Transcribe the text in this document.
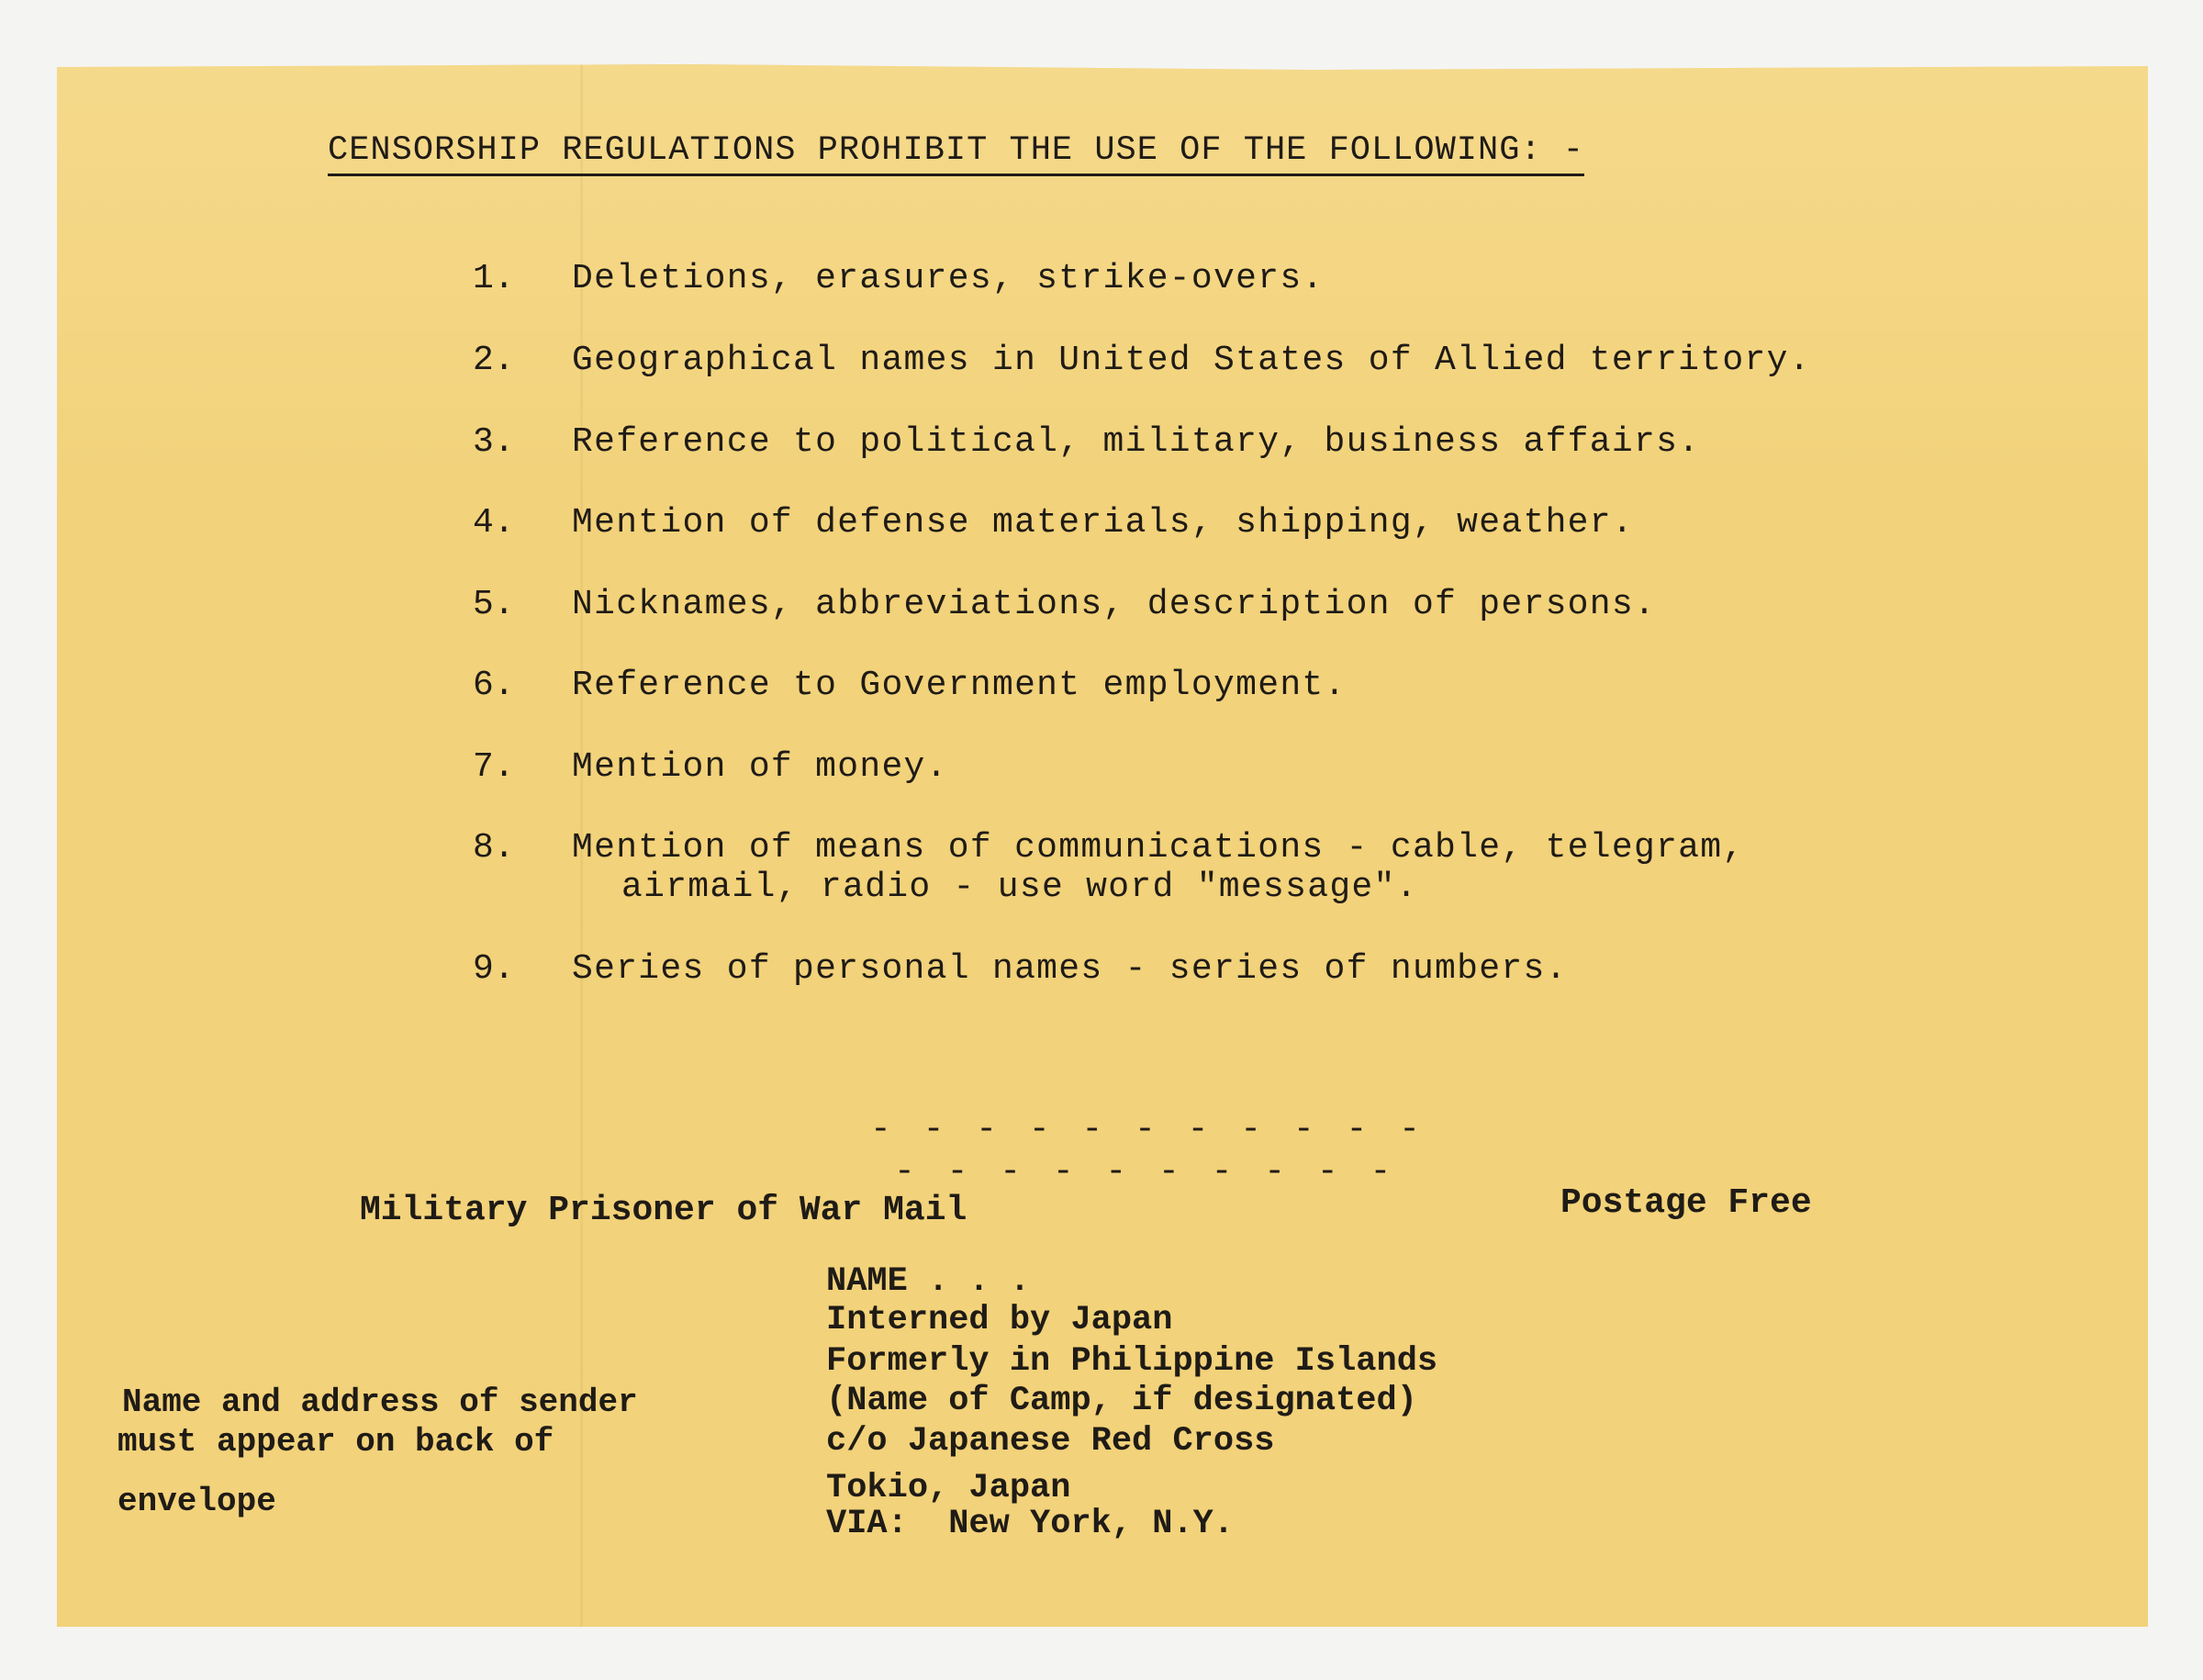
CENSORSHIP REGULATIONS PROHIBIT THE USE OF THE FOLLOWING: -
1. Deletions, erasures, strike-overs.
2. Geographical names in United States of Allied territory.
3. Reference to political, military, business affairs.
4. Mention of defense materials, shipping, weather.
5. Nicknames, abbreviations, description of persons.
6. Reference to Government employment.
7. Mention of money.
8. Mention of means of communications - cable, telegram,
airmail, radio - use word "message".
9. Series of personal names - series of numbers.
- - - - - - - - - - -
- - - - - - - - - -
Military Prisoner of War Mail	Postage Free
Name and address of sender
must appear on back of
envelope
NAME . . .
Interned by Japan
Formerly in Philippine Islands
(Name of Camp, if designated)
c/o Japanese Red Cross
Tokio, Japan
VIA:  New York, N.Y.
